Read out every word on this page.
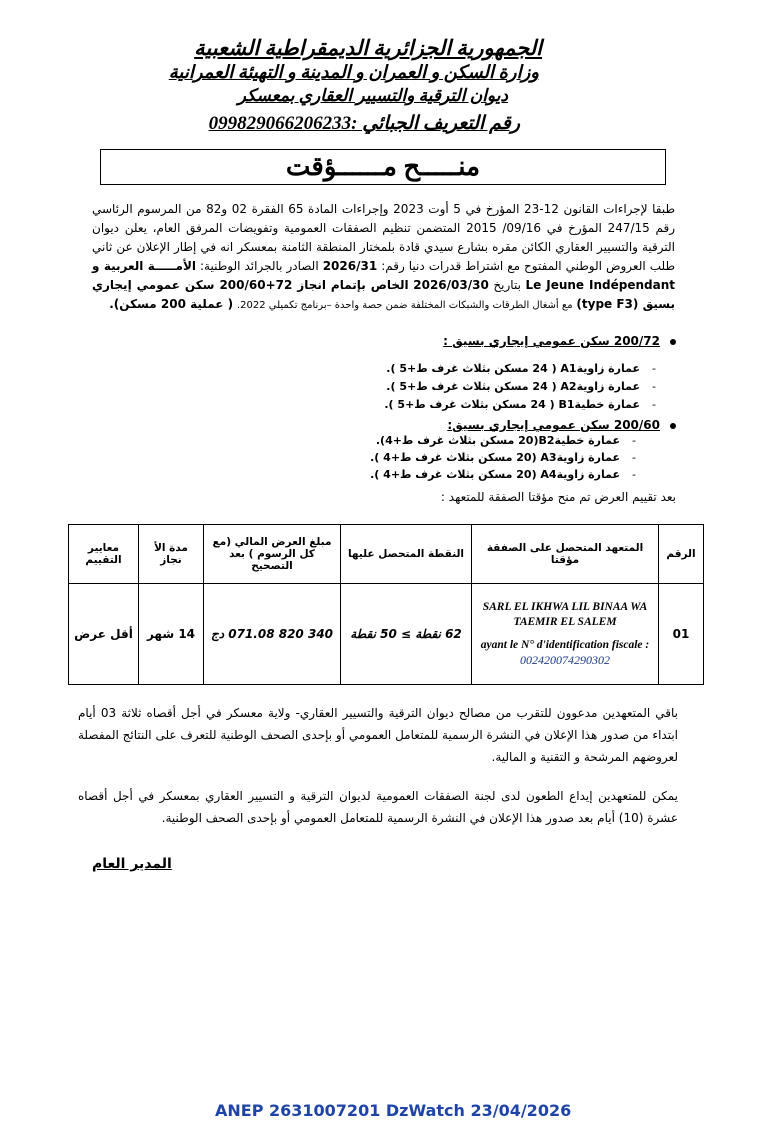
الجمهورية الجزائرية الديمقراطية الشعبية
وزارة السكن و العمران و المدينة و التهيئة العمرانية
ديوان الترقية والتسيير العقاري بمعسكر
رقم التعريف الجبائي :099829066206233
منـــــح مــــــؤقت
طبقا لإجراءات القانون 12-23 المؤرخ في 5 أوت 2023 وإجراءات المادة 65 الفقرة 02 و82 من المرسوم الرئاسي رقم 247/15 المؤرخ في 09/16/ 2015 المتضمن تنظيم الصفقات العمومية وتفويضات المرفق العام، يعلن ديوان الترقية والتسيير العقاري الكائن مقره بشارع سيدي قادة بلمختار المنطقة الثامنة بمعسكر انه في إطار الإعلان عن ثاني طلب العروض الوطني المفتوح مع اشتراط قدرات دنيا رقم: 2026/31 الصادر بالجرائد الوطنية: الأمـــــة العربية و Le Jeune Indépendant بتاريخ 2026/03/30 الخاص بإتمام انجاز 72+200/60 سكن عمومي إيجاري بسيق (type F3) مع أشغال الطرقات والشبكات المختلفة ضمن حصة واحدة –برنامج تكميلي 2022. ( عملية 200 مسكن).
200/72 سكن عمومي إيجاري بسيق :
-عمارة زاويةA1 ( 24 مسكن بثلاث غرف ط+5 ).
-عمارة زاويةA2 ( 24 مسكن بثلاث غرف ط+5 ).
-عمارة خطيةB1 ( 24 مسكن بثلاث غرف ط+5 ).
200/60 سكن عمومي إيجاري بسيق:
-عمارة خطيةB2(20 مسكن بثلاث غرف ط+4).
-عمارة زاويةA3 (20 مسكن بثلاث غرف ط+4 ).
-عمارة زاويةA4 (20 مسكن بثلاث غرف ط+4 ).
بعد تقييم العرض تم منح مؤقتا الصفقة للمتعهد :
الرقم	المتعهد المتحصل على الصفقة مؤقتا	النقطة المتحصل عليها	مبلغ العرض المالي (مع كل الرسوم ) بعد التصحيح	مدة الأ نجاز	معايير التقييم
01	SARL EL IKHWA LIL BINAA WA TAEMIR EL SALEM
ayant le N° d'identification fiscale :
002420074290302	62 نقطة ≥ 50 نقطة	340 820 071.08 دج	14 شهر	أقل عرض
باقي المتعهدين مدعوون للتقرب من مصالح ديوان الترقية والتسيير العقاري- ولاية معسكر في أجل أقصاه ثلاثة 03 أيام ابتداء من صدور هذا الإعلان في النشرة الرسمية للمتعامل العمومي أو بإحدى الصحف الوطنية للتعرف على النتائج المفصلة لعروضهم المرشحة و التقنية و المالية.
يمكن للمتعهدين إيداع الطعون لدى لجنة الصفقات العمومية لديوان الترقية و التسيير العقاري بمعسكر في أجل أقصاه عشرة (10) أيام بعد صدور هذا الإعلان في النشرة الرسمية للمتعامل العمومي أو بإحدى الصحف الوطنية.
المدير العام
ANEP 2631007201 DzWatch 23/04/2026
